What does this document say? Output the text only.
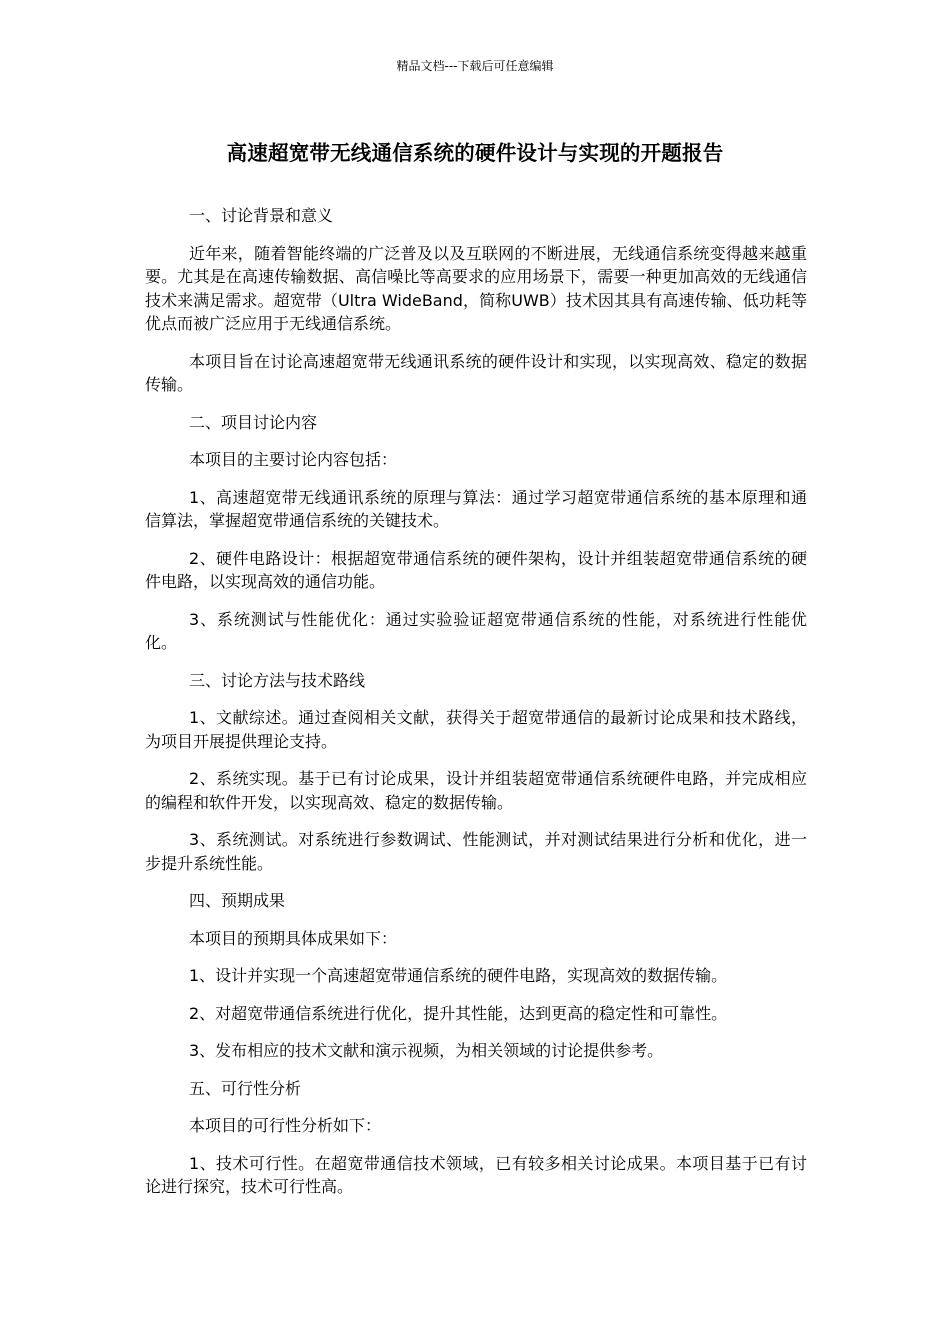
精品文档---下载后可任意编辑
高速超宽带无线通信系统的硬件设计与实现的开题报告

一、讨论背景和意义

近年来，随着智能终端的广泛普及以及互联网的不断进展，无线通信系统变得越来越重要。尤其是在高速传输数据、高信噪比等高要求的应用场景下，需要一种更加高效的无线通信技术来满足需求。超宽带（Ultra WideBand，简称UWB）技术因其具有高速传输、低功耗等优点而被广泛应用于无线通信系统。

本项目旨在讨论高速超宽带无线通讯系统的硬件设计和实现，以实现高效、稳定的数据传输。

二、项目讨论内容

本项目的主要讨论内容包括：

1、高速超宽带无线通讯系统的原理与算法：通过学习超宽带通信系统的基本原理和通信算法，掌握超宽带通信系统的关键技术。

2、硬件电路设计：根据超宽带通信系统的硬件架构，设计并组装超宽带通信系统的硬件电路，以实现高效的通信功能。

3、系统测试与性能优化：通过实验验证超宽带通信系统的性能，对系统进行性能优化。

三、讨论方法与技术路线

1、文献综述。通过查阅相关文献，获得关于超宽带通信的最新讨论成果和技术路线，为项目开展提供理论支持。

2、系统实现。基于已有讨论成果，设计并组装超宽带通信系统硬件电路，并完成相应的编程和软件开发，以实现高效、稳定的数据传输。

3、系统测试。对系统进行参数调试、性能测试，并对测试结果进行分析和优化，进一步提升系统性能。

四、预期成果

本项目的预期具体成果如下：

1、设计并实现一个高速超宽带通信系统的硬件电路，实现高效的数据传输。

2、对超宽带通信系统进行优化，提升其性能，达到更高的稳定性和可靠性。

3、发布相应的技术文献和演示视频，为相关领域的讨论提供参考。

五、可行性分析

本项目的可行性分析如下：

1、技术可行性。在超宽带通信技术领域，已有较多相关讨论成果。本项目基于已有讨论进行探究，技术可行性高。
